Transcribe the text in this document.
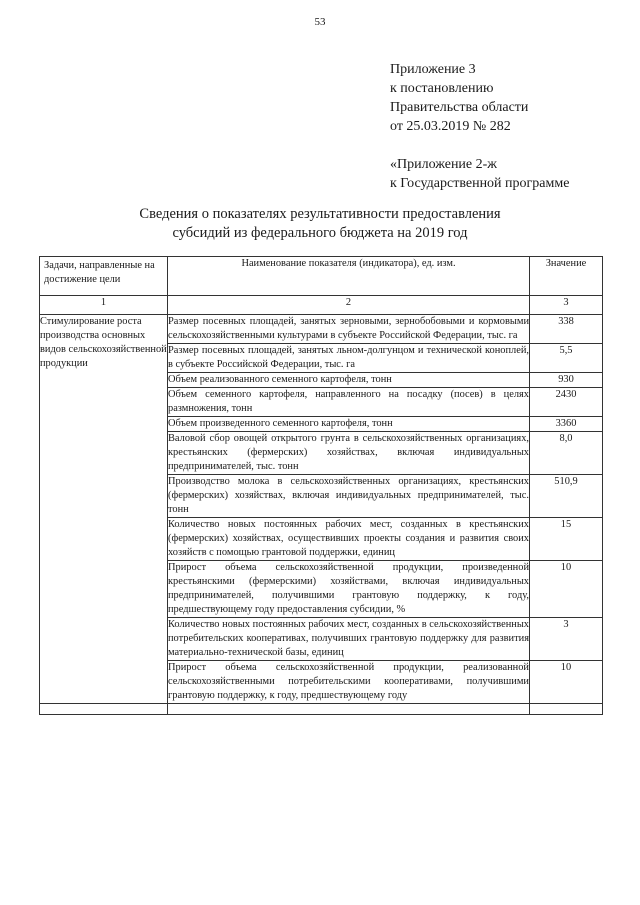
53
Приложение 3
к постановлению
Правительства области
от 25.03.2019 № 282
«Приложение 2-ж
к Государственной программе
Сведения о показателях результативности предоставления
субсидий из федерального бюджета на 2019 год
Задачи, направленные на достижение цели	Наименование показателя (индикатора), ед. изм.	Значение
1	2	3
Стимулирование роста производства основных видов сельскохозяйственной продукции	Размер посевных площадей, занятых зерновыми, зернобобовыми и кормовыми сельскохозяйственными культурами в субъекте Российской Федерации, тыс. га	338
	Размер посевных площадей, занятых льном-долгунцом и технической коноплей, в субъекте Российской Федерации, тыс. га	5,5
	Объем реализованного семенного картофеля, тонн	930
	Объем семенного картофеля, направленного на посадку (посев) в целях размножения, тонн	2430
	Объем произведенного семенного картофеля, тонн	3360
	Валовой сбор овощей открытого грунта в сельскохозяйственных организациях, крестьянских (фермерских) хозяйствах, включая индивидуальных предпринимателей, тыс. тонн	8,0
	Производство молока в сельскохозяйственных организациях, крестьянских (фермерских) хозяйствах, включая индивидуальных предпринимателей, тыс. тонн	510,9
	Количество новых постоянных рабочих мест, созданных в крестьянских (фермерских) хозяйствах, осуществивших проекты создания и развития своих хозяйств с помощью грантовой поддержки, единиц	15
	Прирост объема сельскохозяйственной продукции, произведенной крестьянскими (фермерскими) хозяйствами, включая индивидуальных предпринимателей, получившими грантовую поддержку, к году, предшествующему году предоставления субсидии, %	10
	Количество новых постоянных рабочих мест, созданных в сельскохозяйственных потребительских кооперативах, получивших грантовую поддержку для развития материально-технической базы, единиц	3
	Прирост объема сельскохозяйственной продукции, реализованной сельскохозяйственными потребительскими кооперативами, получившими грантовую поддержку, к году, предшествующему году	10
